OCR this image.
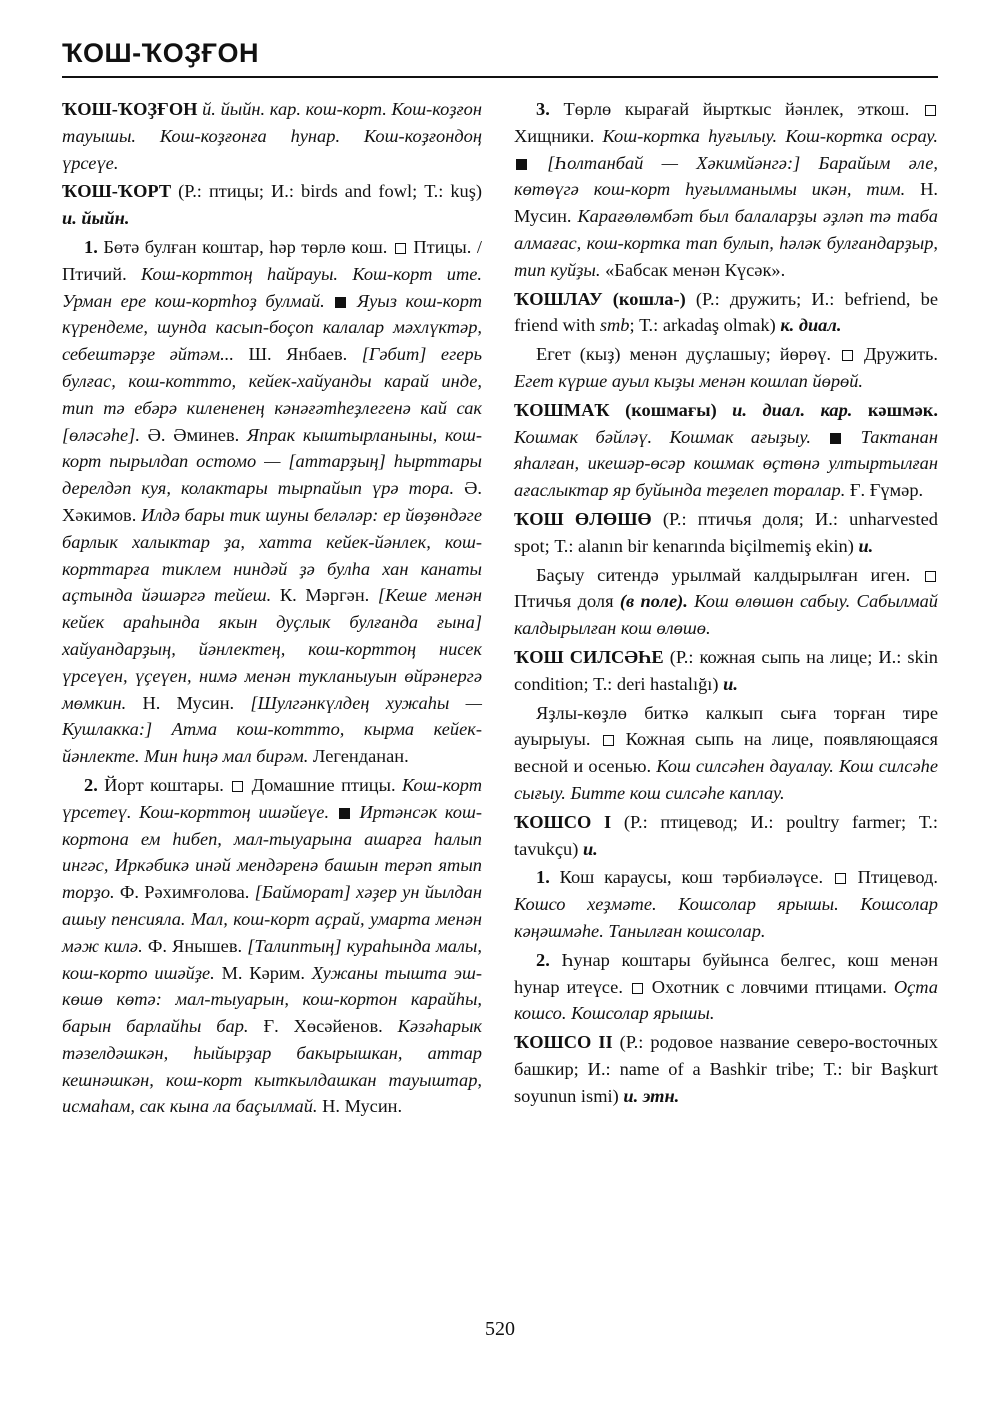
ҠОШ-ҠОҘҒОН

ҠОШ-ҠОҘҒОН й. йыйн. кар. кош-корт. Кош-коҙғон тауышы. Кош-коҙғонға һунар. Кош-коҙғондоң үрсеүе.

ҠОШ-ҠОРТ (Р.: птицы; И.: birds and fowl; Т.: kuş) и. йыйн.

1. Бөтә булған коштар, һәр төрлө кош.  Птицы. / Птичий. Кош-корттоң һайрауы. Кош-корт ите. Урман ере кош-кортһоҙ булмай.  Яуыз кош-корт күрендеме, шунда касып-боҫоп калалар мәхлүктәр, себештәрҙе әйтәм... Ш. Янбаев. [Гәбит] егерь булғас, кош-коттто, кейек-хайуанды карай инде, тип тә ебәрә килененең кәнәғәтһеҙлегенә кай сак [өләсәһе]. Ә. Әминев. Япрак кыштырланыны, кош-корт пырылдап остомо — [аттарҙың] һырттары дерелдәп куя, колактары тырпайып үрә тора. Ә. Хәкимов. Илдә бары тик шуны беләләр: ер йөҙөндәге барлык халыктар ҙа, хатта кейек-йәнлек, кош-корттарға тиклем ниндәй ҙә булһа хан канаты аҫтында йәшәргә тейеш. К. Мәргән. [Кеше менән кейек араһында якын дуҫлык булғанда ғына] хайуандарҙың, йәнлектең, кош-корттоң нисек үрсеүен, үҫеүен, нимә менән тукланыуын өйрәнергә мөмкин. Н. Мусин. [Шулгәнкүлдең хужаһы — Кушлакка:] Атма кош-коттто, кырма кейек-йәнлекте. Мин һиңә мал бирәм. Легенданан.

2. Йорт коштары.  Домашние птицы. Кош-корт үрсетеү. Кош-корттоң ишәйеүе.  Иртәнсәк кош-кортона ем һибеп, мал-тыуарына ашарға һалып ингәс, Иркәбикә инәй мендәренә башын терәп ятып торҙо. Ф. Рәхимғолова. [Байморат] хәҙер ун йылдан ашыу пенсияла. Мал, кош-корт аҫрай, умарта менән мәж килә. Ф. Янышев. [Талиптың] кураһында малы, кош-корто ишәйҙе. М. Кәрим. Хужаны тышта эш-көшө көтә: мал-тыуарын, кош-кортон карайһы, барын барлайһы бар. Ғ. Хөсәйенов. Кәзәһарык тәзелдәшкән, һыйырҙар бакырышкан, аттар кешнәшкән, кош-корт кыткылдашкан тауыштар, исмаһам, сак кына ла баҫылмай. Н. Мусин.

3. Төрлө кырағай йырткыс йәнлек, эткош.  Хищники. Кош-кортка һуғылыу. Кош-кортка осрау.  [Һолтанбай — Хәкимйәнгә:] Барайым әле, көтөүгә кош-корт һуғылманымы икән, тим. Н. Мусин. Карағөлөмбәт был балаларҙы әҙләп тә таба алмағас, кош-кортка тап булып, һәләк булғандарҙыр, тип куйҙы. «Бабсак менән Күсәк».

ҠОШЛАУ (кошла-) (Р.: дружить; И.: befriend, be friend with smb; Т.: arkadaş olmak) к. диал.

Егет (кыҙ) менән дуҫлашыу; йөрөү.  Дружить. Егет күрше ауыл кыҙы менән кошлап йөрөй.

ҠОШМАҠ (кошмағы) и. диал. кар. кәшмәк. Кошмак бәйләү. Кошмак ағыҙыу.  Тактанан яһалған, икешәр-өсәр кошмак өҫтөнә ултыртылған ағаслыктар яр буйында теҙелеп торалар. Ғ. Ғүмәр.

ҠОШ ӨЛӨШӨ (Р.: птичья доля; И.: unharvested spot; Т.: alanın bir kenarında biçilmemiş ekin) и.

Баҫыу ситендә урылмай калдырылған иген.  Птичья доля (в поле). Кош өлөшөн сабыу. Сабылмай калдырылған кош өлөшө.

ҠОШ СИЛСӘҺЕ (Р.: кожная сыпь на лице; И.: skin condition; Т.: deri hastalığı) и.

Яҙлы-көҙлө биткә калкып сыға торған тире ауырыуы.  Кожная сыпь на лице, появляющаяся весной и осенью. Кош силсәһен дауалау. Кош силсәһе сығыу. Битте кош силсәһе каплау.

ҠОШСО I (Р.: птицевод; И.: poultry farmer; Т.: tavukçu) и.

1. Кош караусы, кош тәрбиәләүсе.  Птицевод. Кошсо хеҙмәте. Кошсолар ярышы. Кошсолар кәңәшмәһе. Танылған кошсолар.

2. Һунар коштары буйынса белгес, кош менән һунар итеүсе.  Охотник с ловчими птицами. Оҫта кошсо. Кошсолар ярышы.

ҠОШСО II (Р.: родовое название северо-восточных башкир; И.: name of a Bashkir tribe; Т.: bir Başkurt soyunun ismi) и. этн.

520
